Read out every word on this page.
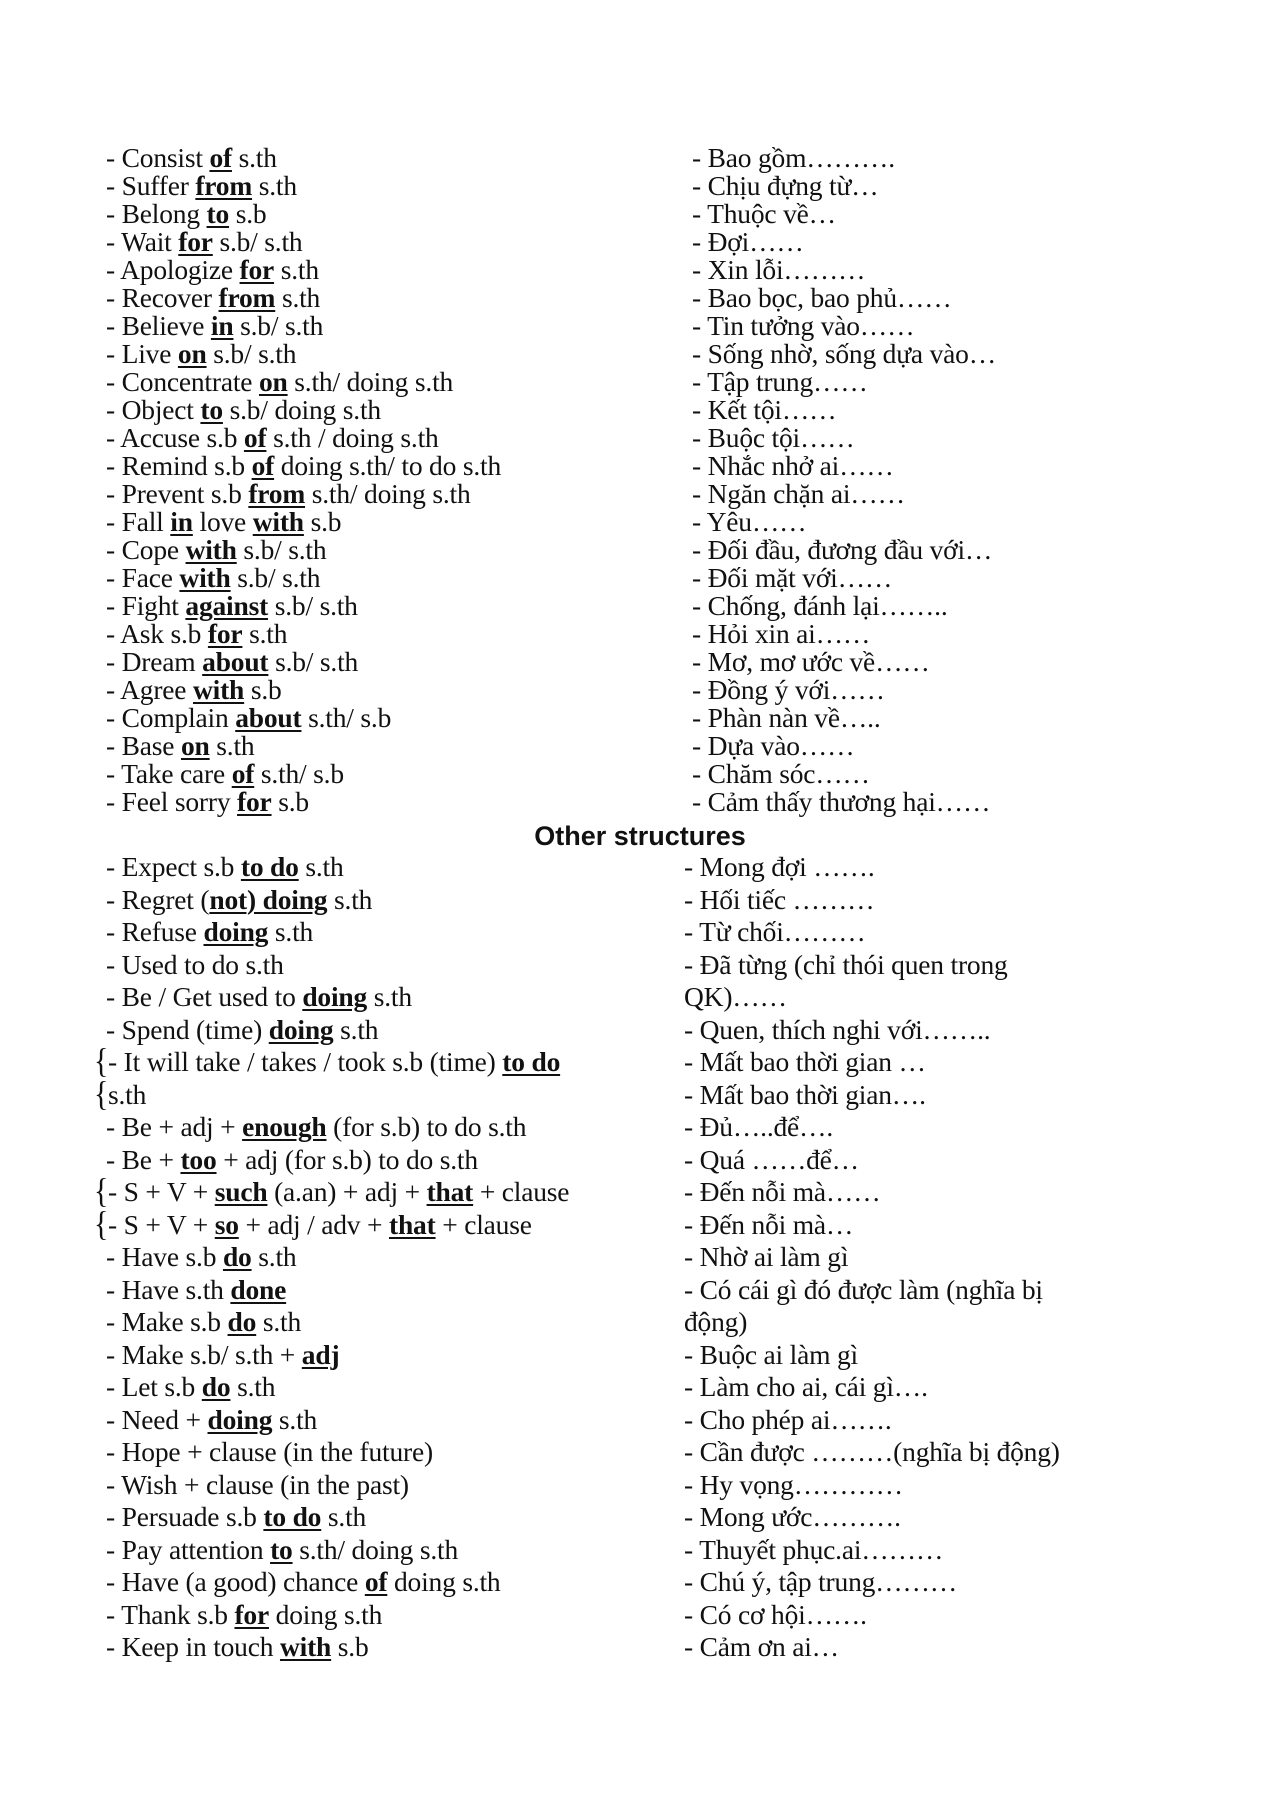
- Consist of s.th
- Suffer from s.th
- Belong to s.b
- Wait for s.b/ s.th
- Apologize for s.th
- Recover from s.th
- Believe in s.b/ s.th
- Live on s.b/ s.th
- Concentrate on s.th/ doing s.th
- Object to s.b/ doing s.th
- Accuse s.b of s.th / doing s.th
- Remind s.b of doing s.th/ to do s.th
- Prevent s.b from s.th/ doing s.th
- Fall in love with s.b
- Cope with s.b/ s.th
- Face with s.b/ s.th
- Fight against s.b/ s.th
- Ask s.b for s.th
- Dream about s.b/ s.th
- Agree with s.b
- Complain about s.th/ s.b
- Base on s.th
- Take care of s.th/ s.b
- Feel sorry for s.b
- Bao gồm……….
- Chịu đựng từ…
- Thuộc về…
- Đợi……
- Xin lỗi………
- Bao bọc, bao phủ……
- Tin tưởng vào……
- Sống nhờ, sống dựa vào…
- Tập trung……
- Kết tội……
- Buộc tội……
- Nhắc nhở ai……
- Ngăn chặn ai……
- Yêu……
- Đối đầu, đương đầu với…
- Đối mặt với……
- Chống, đánh lại……..
- Hỏi xin ai……
- Mơ, mơ ước về……
- Đồng ý với……
- Phàn nàn về…..
- Dựa vào……
- Chăm sóc……
- Cảm thấy thương hại……
Other structures
- Expect s.b to do s.th
- Regret (not) doing s.th
- Refuse doing s.th
- Used to do s.th
- Be / Get used to doing s.th
- Spend (time) doing s.th
{- It will take / takes / took s.b (time) to do
{s.th
- Be + adj + enough (for s.b) to do s.th
- Be + too + adj (for s.b) to do s.th
{- S + V + such (a.an) + adj + that + clause
{- S + V + so + adj / adv + that + clause
- Have s.b do s.th
- Have s.th done
- Make s.b do s.th
- Make s.b/ s.th + adj
- Let s.b do s.th
- Need + doing s.th
- Hope + clause (in the future)
- Wish + clause (in the past)
- Persuade s.b to do s.th
- Pay attention to s.th/ doing s.th
- Have (a good) chance of doing s.th
- Thank s.b for doing s.th
- Keep in touch with s.b
- Mong đợi …….
- Hối tiếc ………
- Từ chối………
- Đã từng (chỉ thói quen trong
QK)……
- Quen, thích nghi với……..
- Mất bao thời gian …
- Mất bao thời gian….
- Đủ…..để….
- Quá ……để…
- Đến nỗi mà……
- Đến nỗi mà…
- Nhờ ai làm gì
- Có cái gì đó được làm (nghĩa bị
động)
- Buộc ai làm gì
- Làm cho ai, cái gì….
- Cho phép ai…….
- Cần được ………(nghĩa bị động)
- Hy vọng…………
- Mong ước……….
- Thuyết phục.ai………
- Chú ý, tập trung………
- Có cơ hội…….
- Cảm ơn ai…
